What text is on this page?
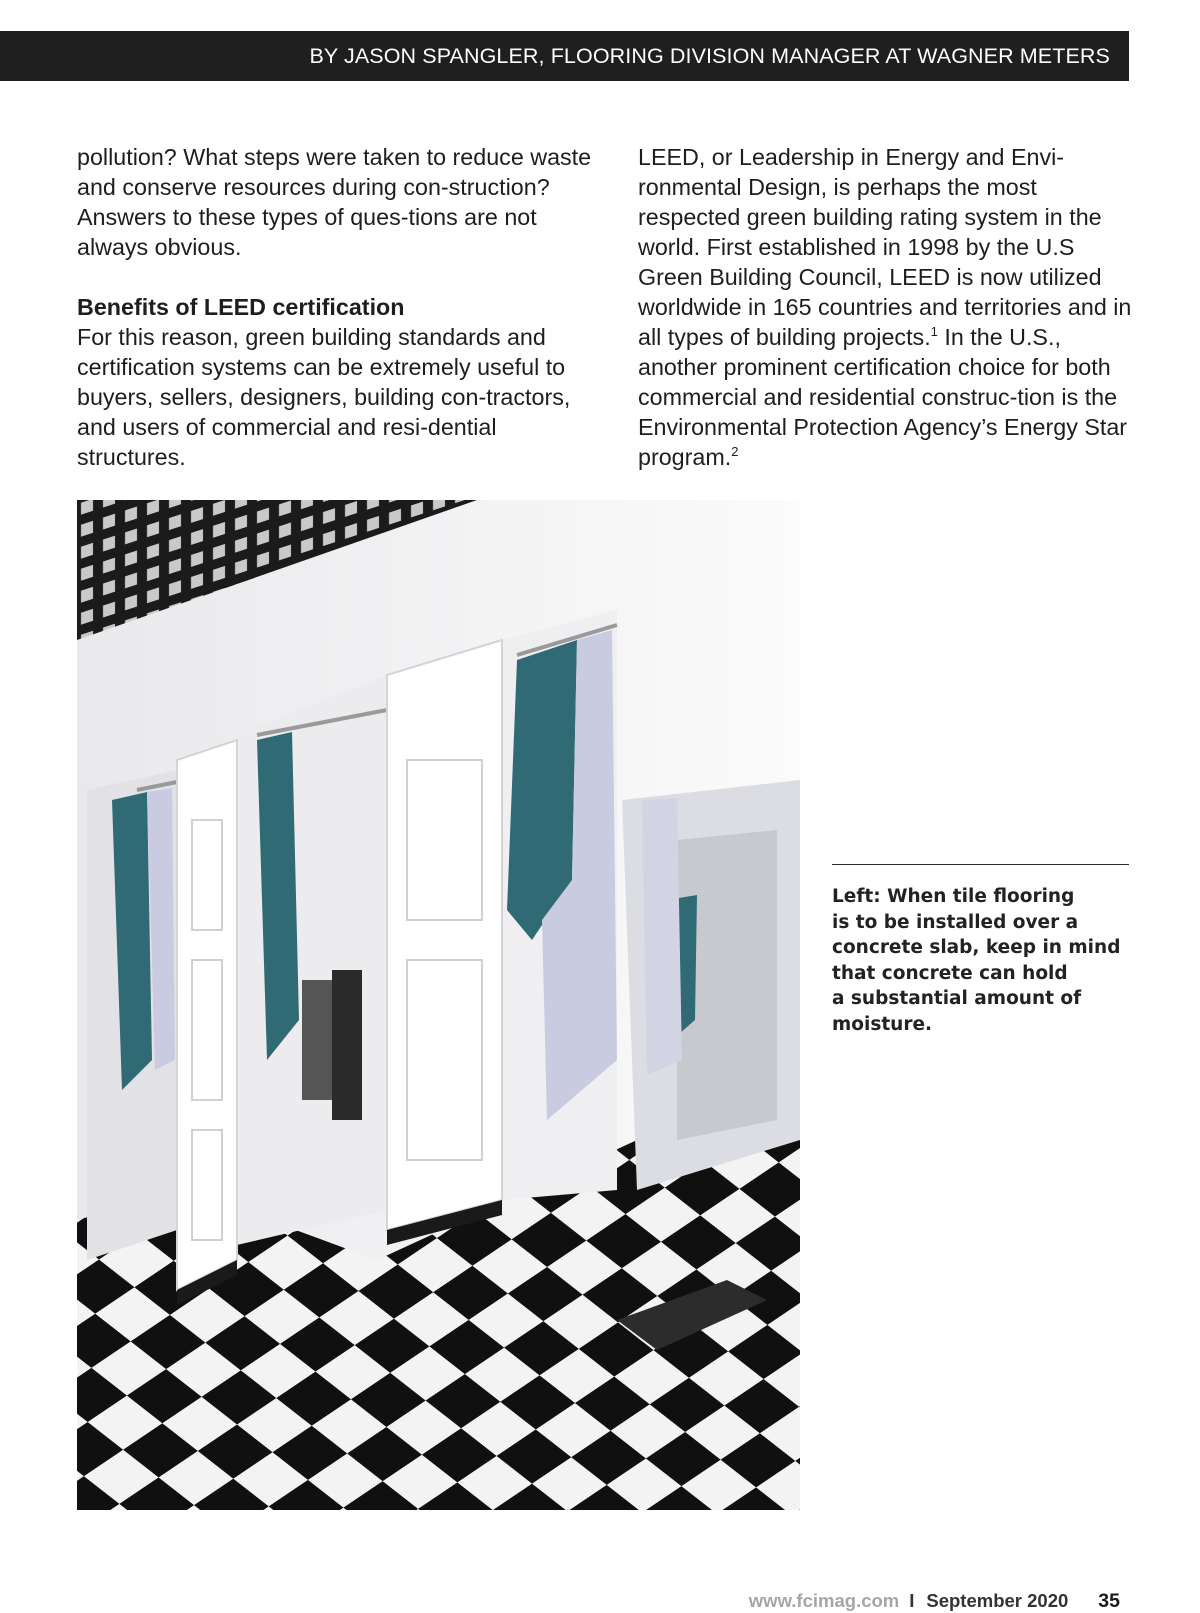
BY JASON SPANGLER, FLOORING DIVISION MANAGER AT WAGNER METERS

pollution? What steps were taken to reduce waste and conserve resources during con-struction? Answers to these types of ques-tions are not always obvious.

Benefits of LEED certification

For this reason, green building standards and certification systems can be extremely useful to buyers, sellers, designers, building con-tractors, and users of commercial and resi-dential structures.

LEED, or Leadership in Energy and Envi-ronmental Design, is perhaps the most respected green building rating system in the world. First established in 1998 by the U.S Green Building Council, LEED is now utilized worldwide in 165 countries and territories and in all types of building projects.$^1$ In the U.S., another prominent certification choice for both commercial and residential construc-tion is the Environmental Protection Agency’s Energy Star program.$^2$

Left: When tile flooring
is to be installed over a
concrete slab, keep in mind
that concrete can hold
a substantial amount of
moisture.
www.fcimag.com I September 2020 35
